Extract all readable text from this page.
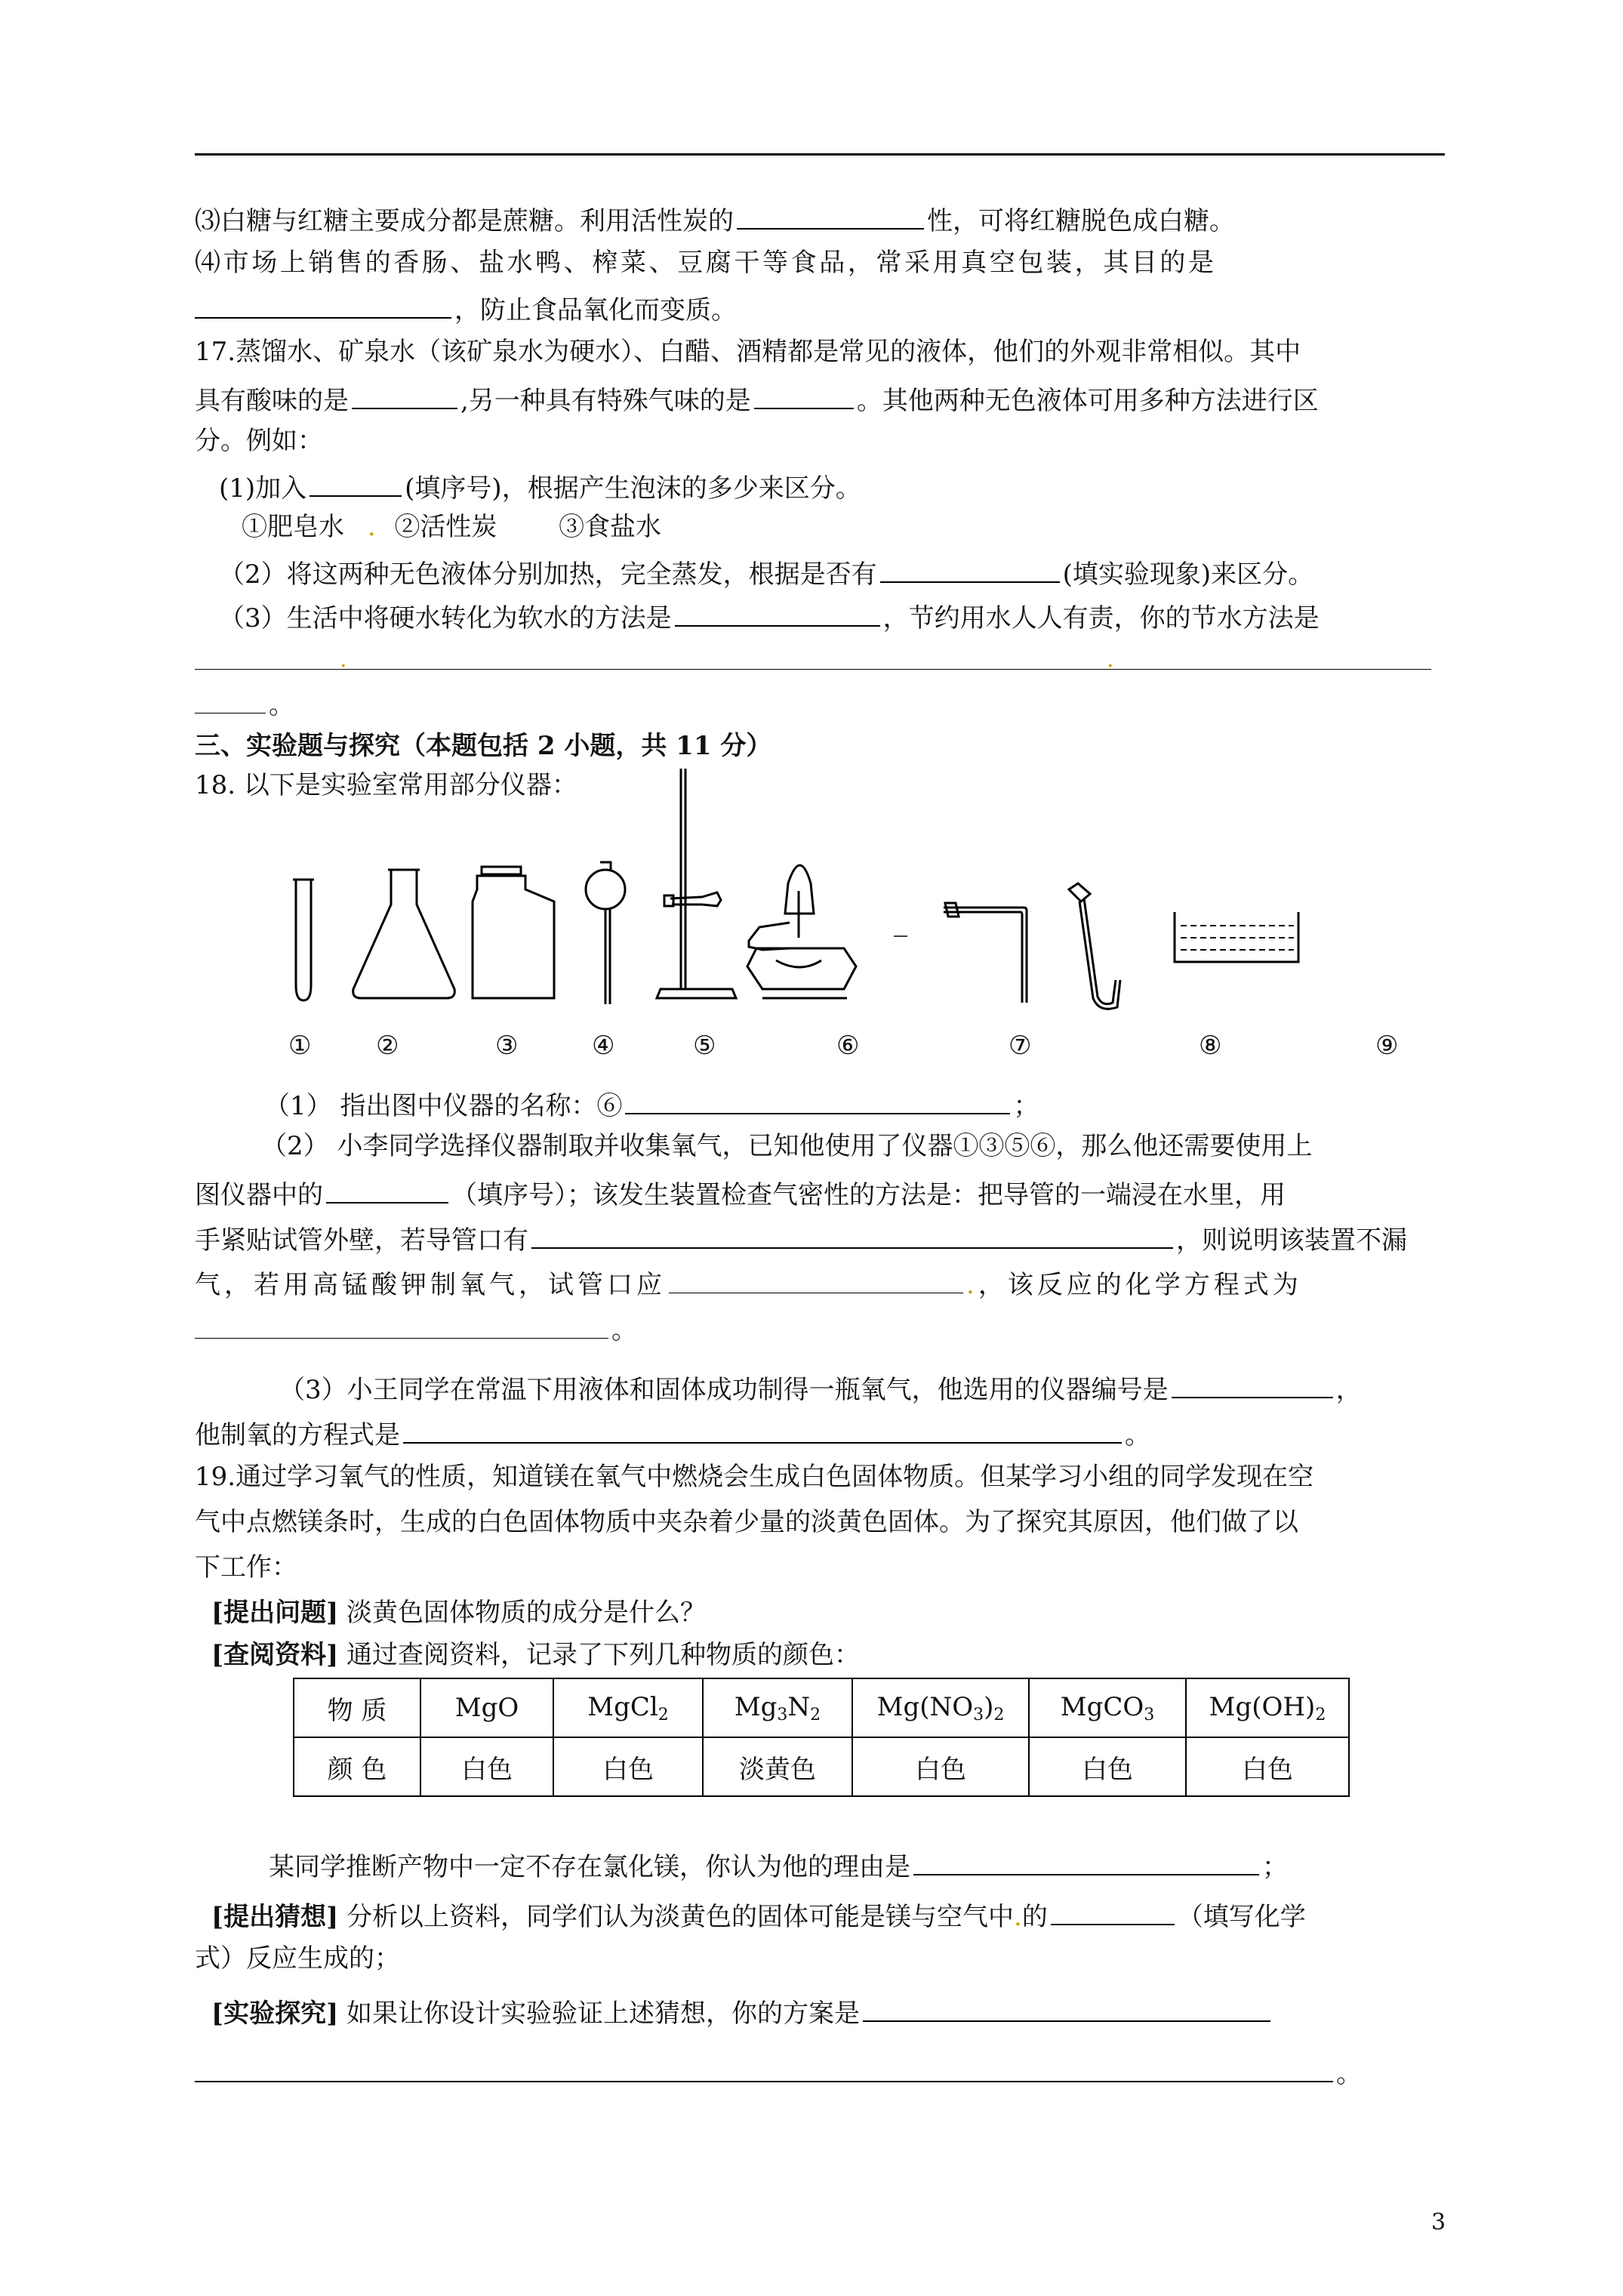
⑶白糖与红糖主要成分都是蔗糖。利用活性炭的	性，可将红糖脱色成白糖。
⑷市场上销售的香肠、盐水鸭、榨菜、豆腐干等食品，常采用真空包装，其目的是
，防止食品氧化而变质。
17.蒸馏水、矿泉水（该矿泉水为硬水）、白醋、酒精都是常见的液体，他们的外观非常相似。其中
具有酸味的是	,另一种具有特殊气味的是	。其他两种无色液体可用多种方法进行区
分。例如：
(1)加入	(填序号)，根据产生泡沫的多少来区分。
①肥皂水 . ②活性炭 ③食盐水
（2）将这两种无色液体分别加热，完全蒸发，根据是否有	(填实验现象)来区分。
（3）生活中将硬水转化为软水的方法是	，节约用水人人有责，你的节水方法是
.	.
。
三、实验题与探究（本题包括 2 小题，共 11 分）
18. 以下是实验室常用部分仪器：
①	②	③	④	⑤	⑥	⑦	⑧	⑨
（1） 指出图中仪器的名称：⑥	；
（2） 小李同学选择仪器制取并收集氧气，已知他使用了仪器①③⑤⑥，那么他还需要使用上
图仪器中的	（填序号）；该发生装置检查气密性的方法是：把导管的一端浸在水里，用
手紧贴试管外壁，若导管口有	，则说明该装置不漏
气，若用高锰酸钾制氧气，试管口应	.，该反应的化学方程式为
。
（3）小王同学在常温下用液体和固体成功制得一瓶氧气，他选用的仪器编号是	，
他制氧的方程式是	。
19.通过学习氧气的性质，知道镁在氧气中燃烧会生成白色固体物质。但某学习小组的同学发现在空
气中点燃镁条时，生成的白色固体物质中夹杂着少量的淡黄色固体。为了探究其原因，他们做了以
下工作：
[提出问题] 淡黄色固体物质的成分是什么？
[查阅资料] 通过查阅资料，记录了下列几种物质的颜色：
物 质	MgO	MgCl$_2$	$Mg_3N_2$	$Mg(NO_3)_2$	MgCO$_3$	$Mg(OH)_2$
颜 色	白色	白色	淡黄色	白色	白色	白色
某同学推断产物中一定不存在氯化镁，你认为他的理由是	；
[提出猜想] 分析以上资料，同学们认为淡黄色的固体可能是镁与空气中.的	（填写化学
式）反应生成的；
[实验探究] 如果让你设计实验验证上述猜想，你的方案是
。
3
